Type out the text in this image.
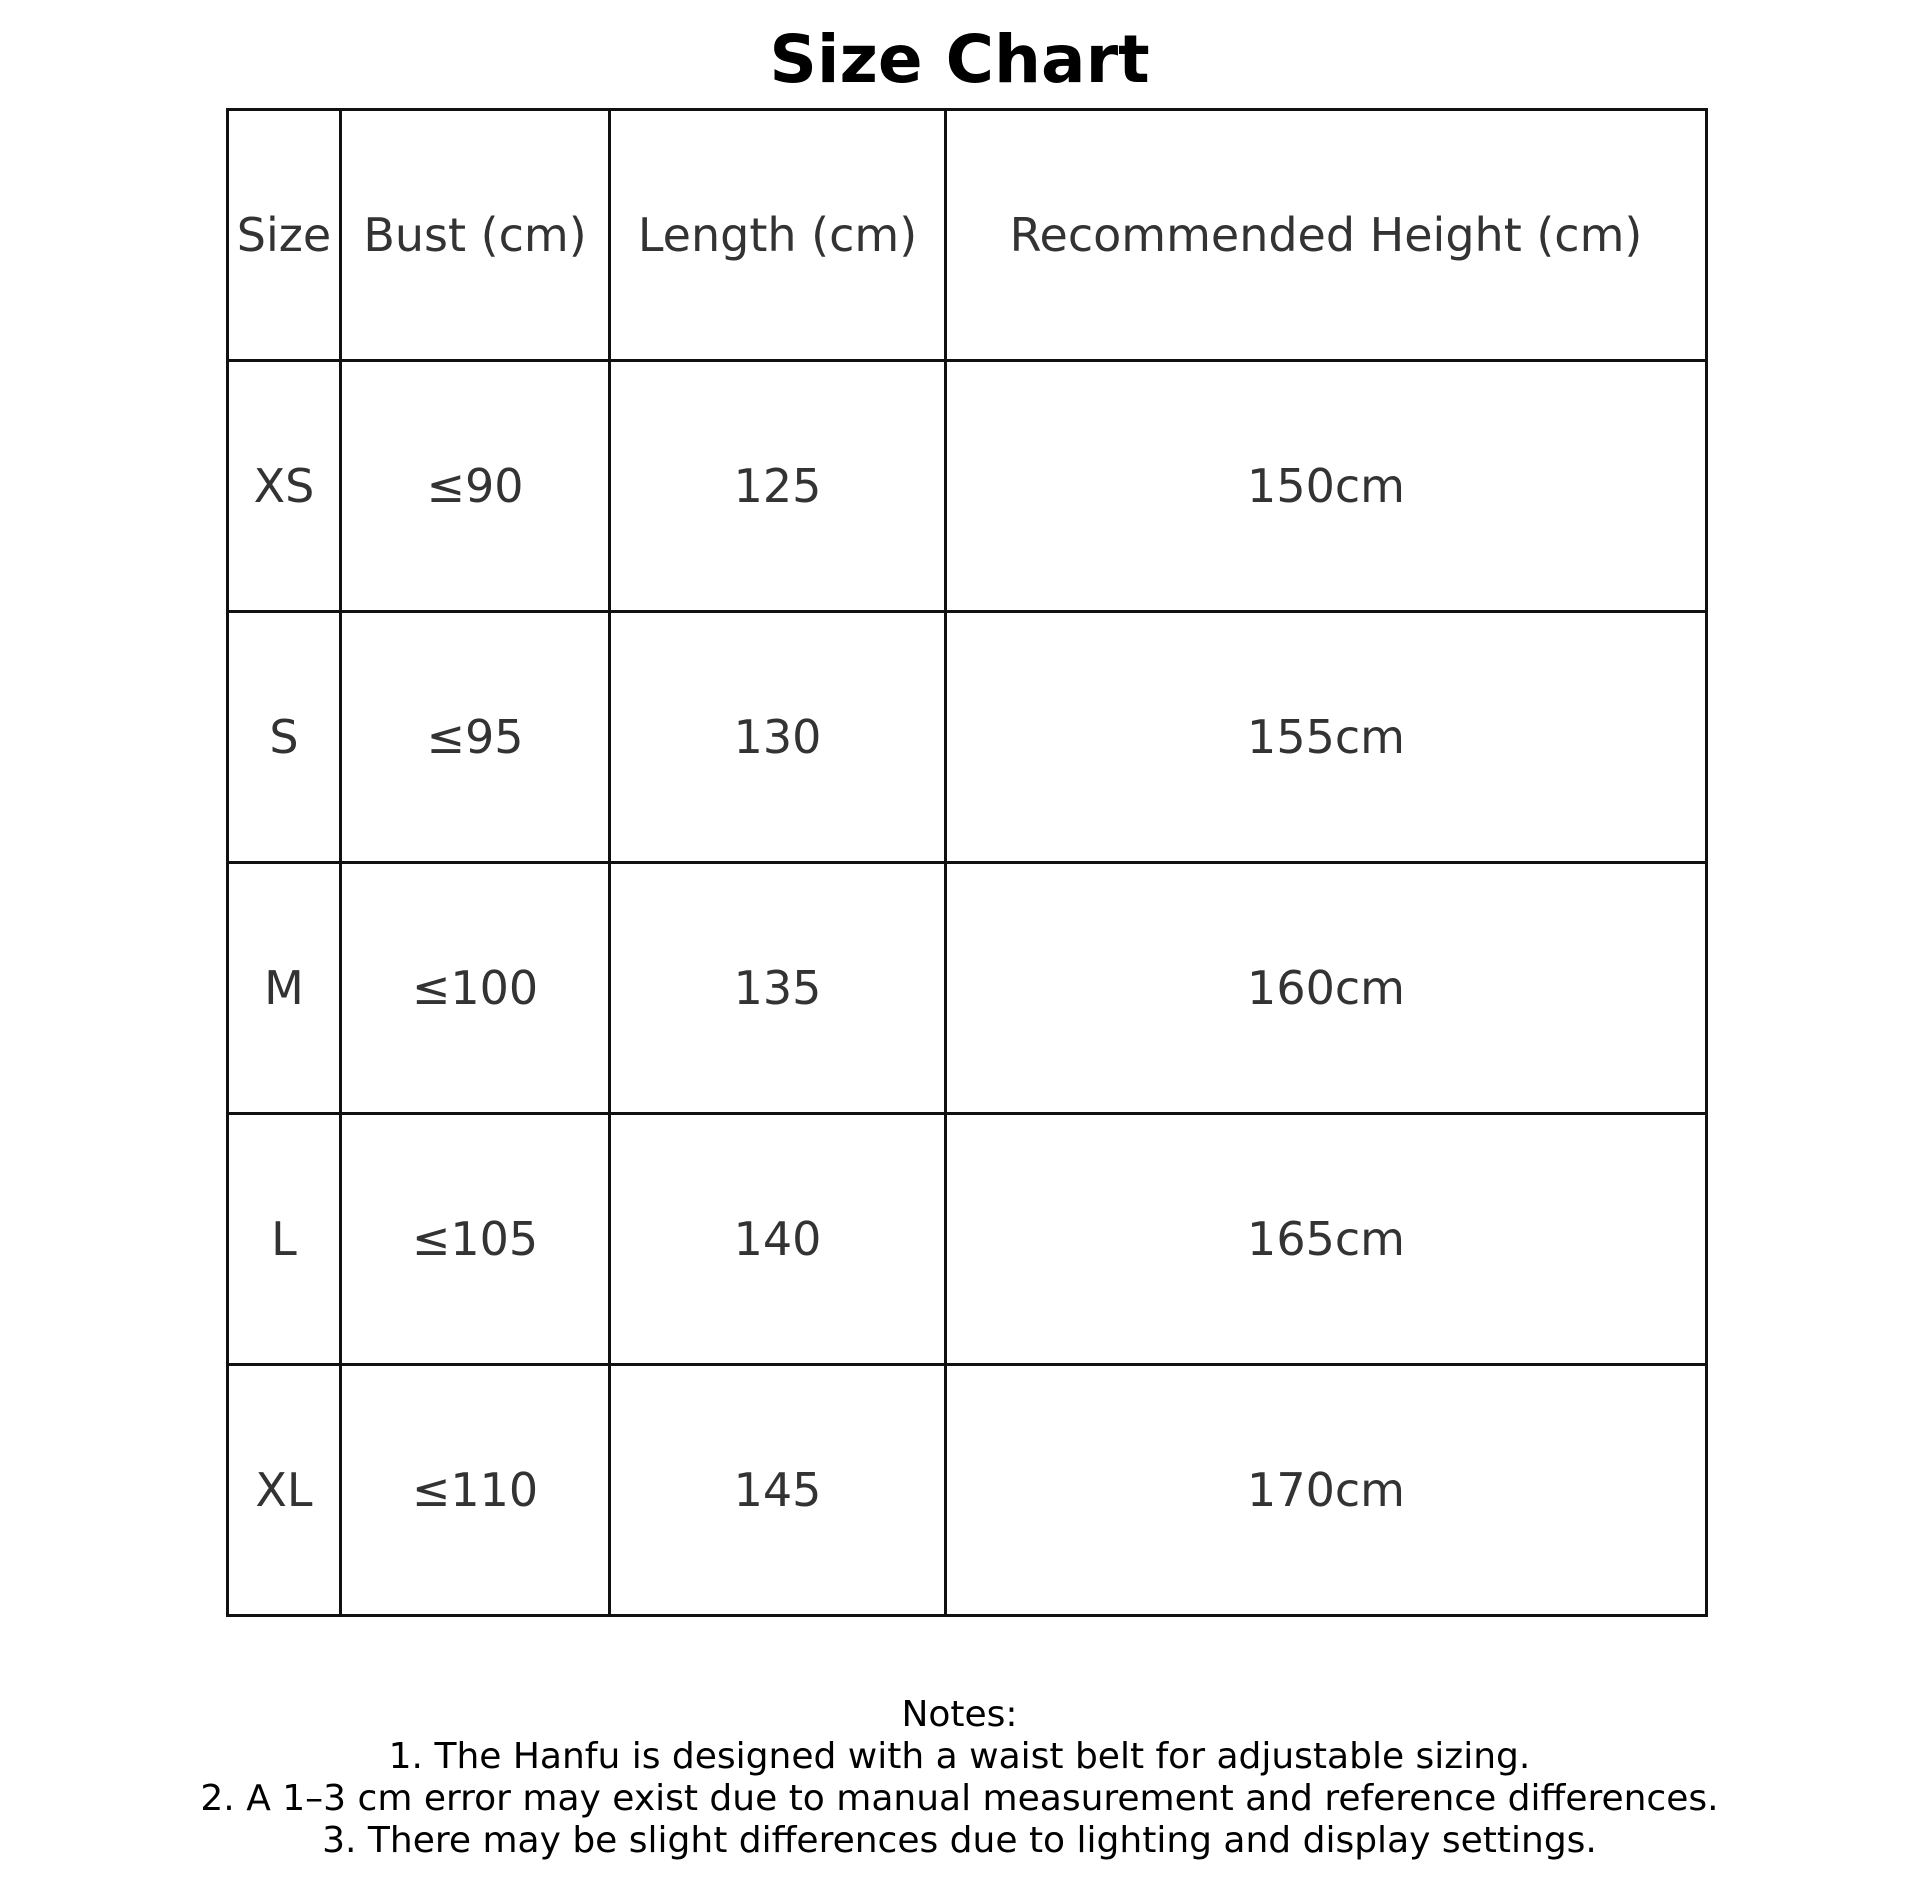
Size Chart
Size	Bust (cm)	Length (cm)	Recommended Height (cm)
XS	≤90	125	150cm
S	≤95	130	155cm
M	≤100	135	160cm
L	≤105	140	165cm
XL	≤110	145	170cm
Notes:
1. The Hanfu is designed with a waist belt for adjustable sizing.
2. A 1–3 cm error may exist due to manual measurement and reference differences.
3. There may be slight differences due to lighting and display settings.
